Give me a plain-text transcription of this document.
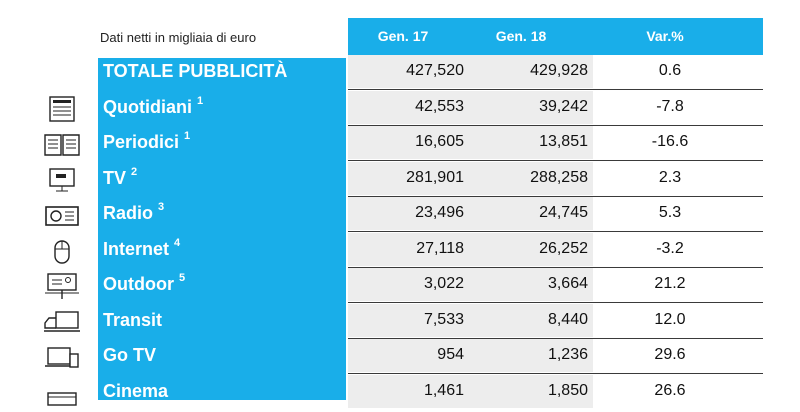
Dati netti in migliaia di euro	Gen. 17	Gen. 18	Var.%
TOTALE PUBBLICITÀ	427,520	429,928	0.6
Quotidiani $^1$	42,553	39,242	-7.8
Periodici $^1$	16,605	13,851	-16.6
TV $^2$	281,901	288,258	2.3
Radio $^3$	23,496	24,745	5.3
Internet $^4$	27,118	26,252	-3.2
Outdoor $^5$	3,022	3,664	21.2
Transit	7,533	8,440	12.0
Go TV	954	1,236	29.6
Cinema	1,461	1,850	26.6
